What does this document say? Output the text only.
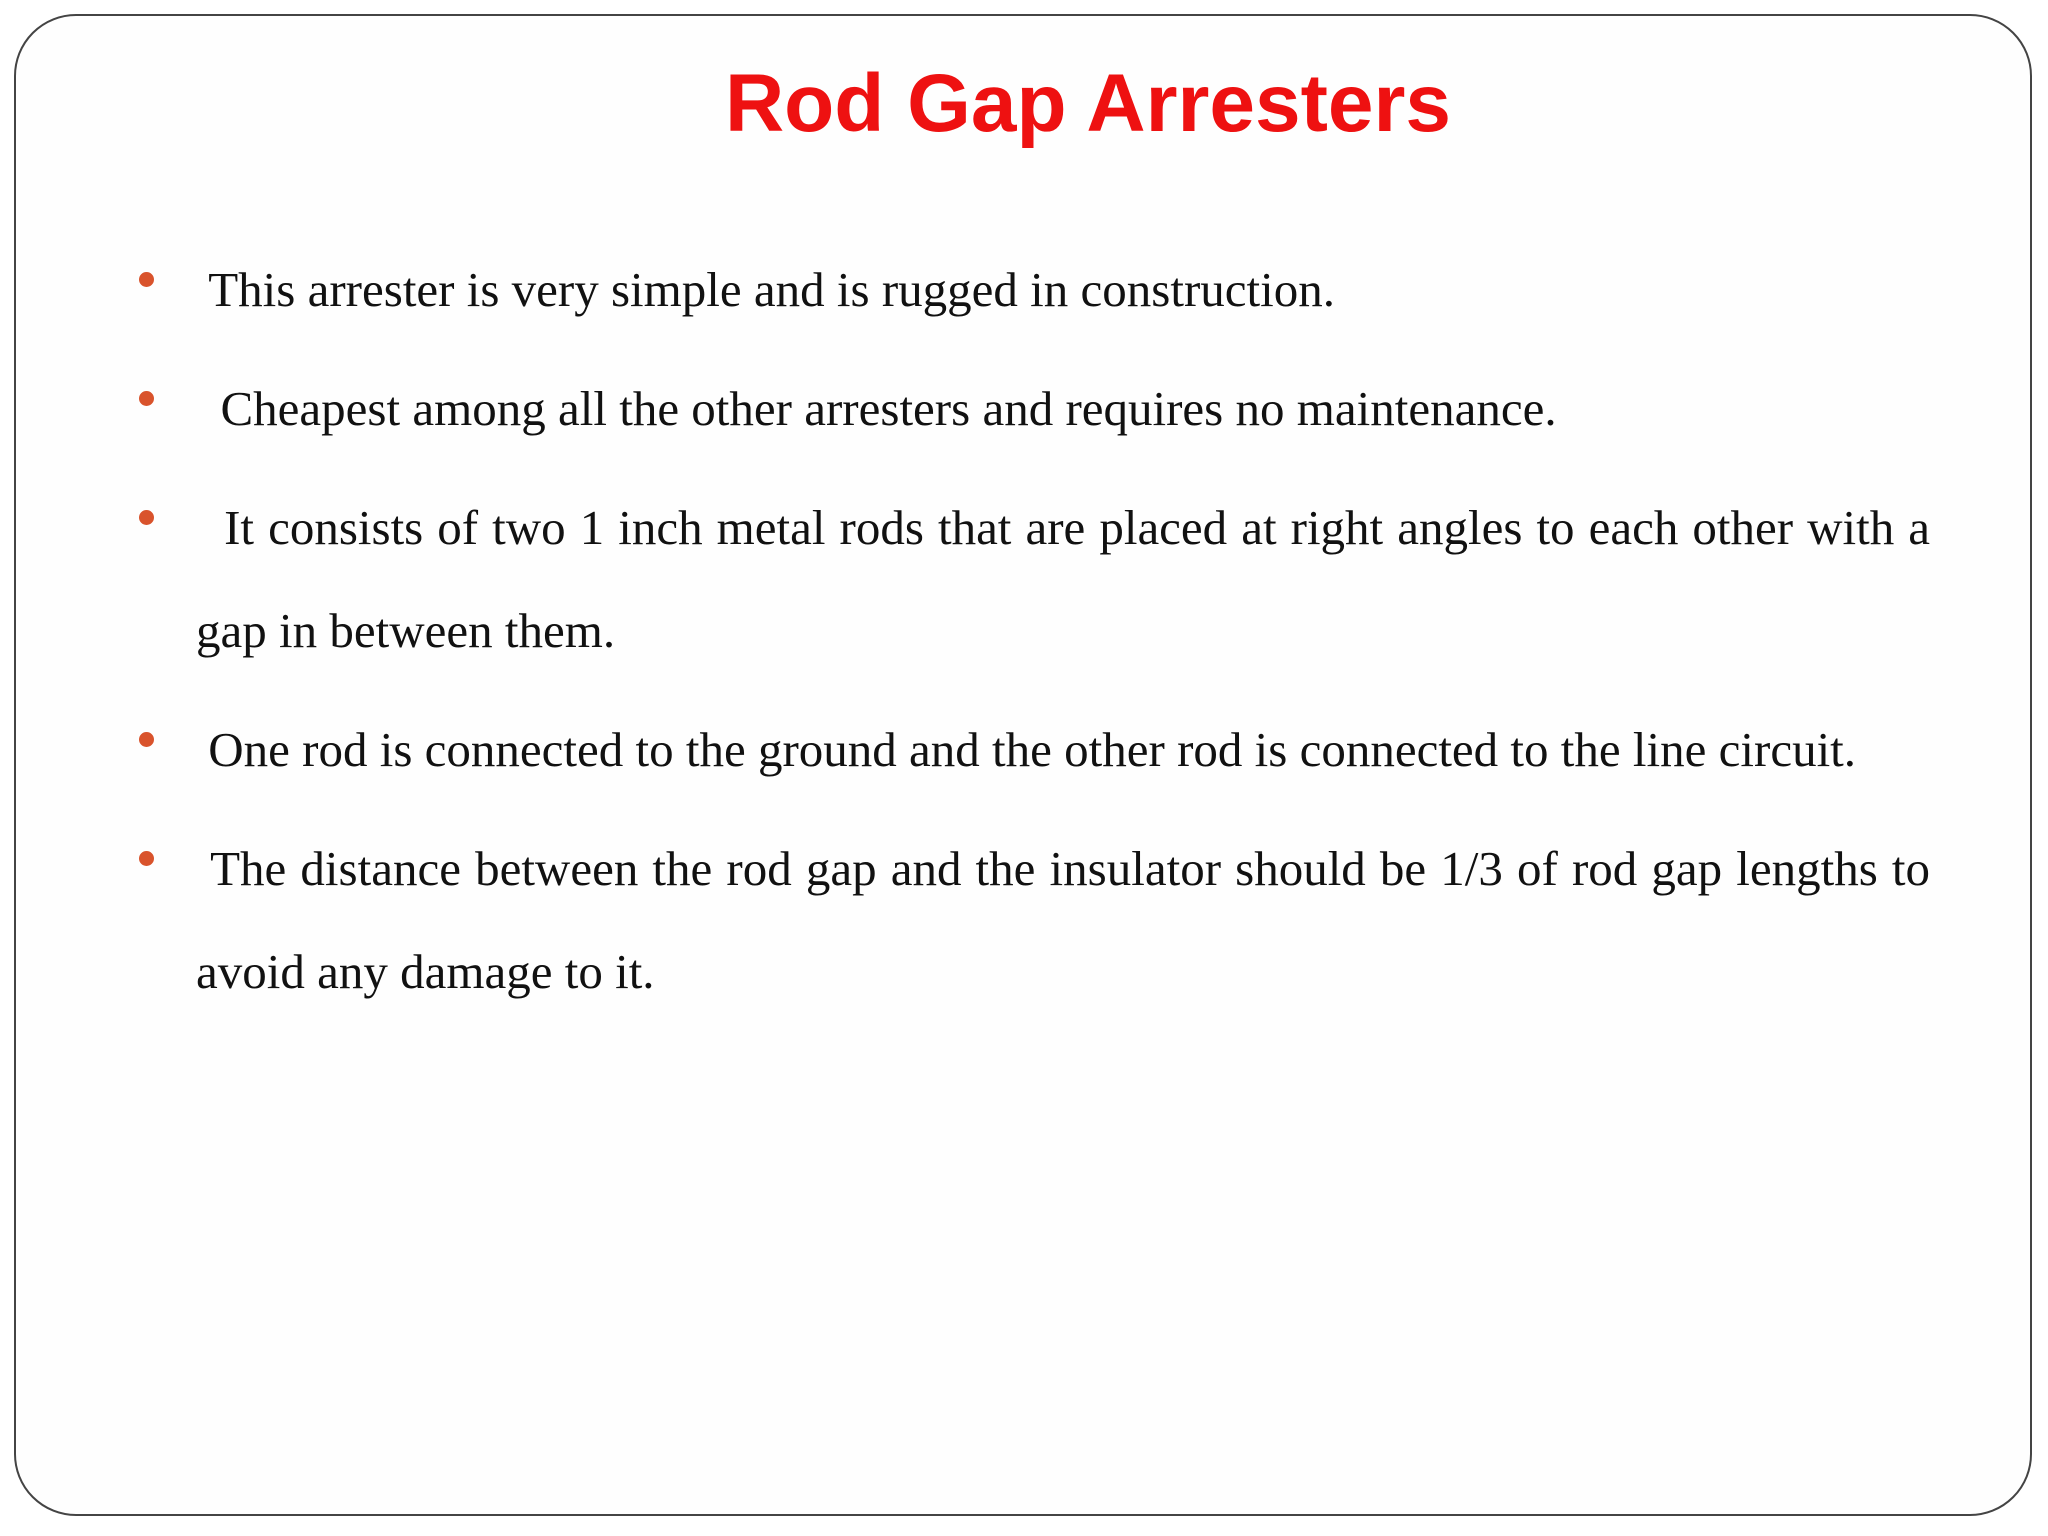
Rod Gap Arresters
This arrester is very simple and is rugged in construction.
Cheapest among all the other arresters and requires no maintenance.
It consists of two 1 inch metal rods that are placed at right angles to each other with a gap in between them.
One rod is connected to the ground and the other rod is connected to the line circuit.
The distance between the rod gap and the insulator should be 1/3 of rod gap lengths to avoid any damage to it.
